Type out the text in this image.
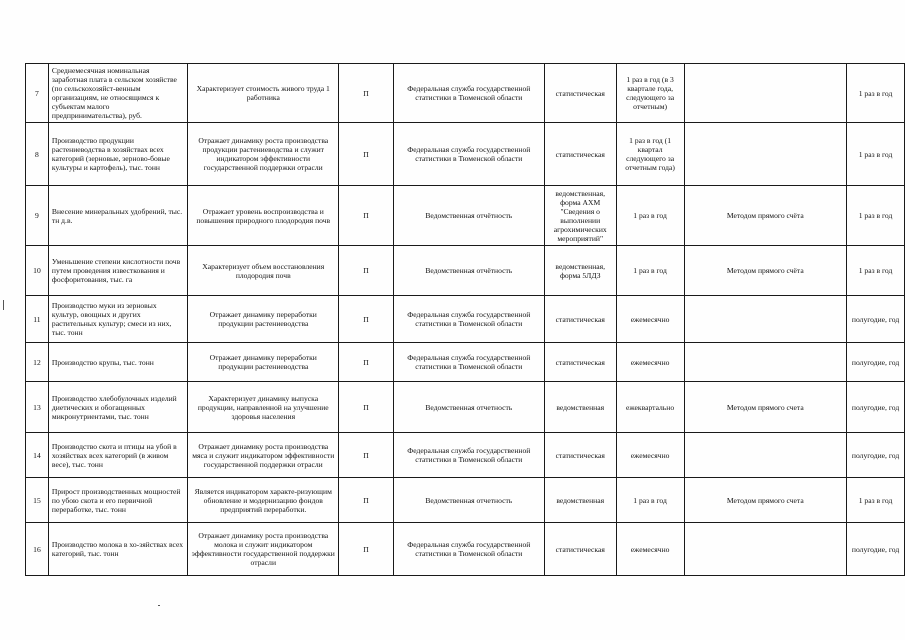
7	Среднемесячная номинальная заработная плата в сельском хозяйстве (по сельскохозяйст-венным организациям, не относящимся к субъектам малого предпринимательства), руб.	Характеризует стоимость живого труда 1 работника	П	Федеральная служба государственной статистики в Тюменской области	статистическая	1 раз в год (в 3 квартале года, следующего за отчетным)		1 раз в год
8	Производство продукции растениеводства в хозяйствах всех категорий (зерновые, зерново-бовые культуры и картофель), тыс. тонн	Отражает динамику роста производства продукции растениеводства и служит индикатором эффективности государственной поддержки отрасли	П	Федеральная служба государственной статистики в Тюменской области	статистическая	1 раз в год (1 квартал следующего за отчетным года)		1 раз в год
9	Внесение минеральных удобрений, тыс. тн д.в.	Отражает уровень воспроизводства и повышения природного плодородия почв	П	Ведомственная отчётность	ведомственная, форма АХМ "Сведения о выполнении агрохимических мероприятий"	1 раз в год	Методом прямого счёта	1 раз в год
10	Уменьшение степени кислотности почв путем проведения известкования и фосфоритования, тыс. га	Характеризует объем восстановления плодородия почв	П	Ведомственная отчётность	ведомственная, форма 5ЛДЗ	1 раз в год	Методом прямого счёта	1 раз в год
11	Производство муки из зерновых культур, овощных и других растительных культур; смеси из них, тыс. тонн	Отражает динамику переработки продукции растениеводства	П	Федеральная служба государственной статистики в Тюменской области	статистическая	ежемесячно		полугодие, год
12	Производство крупы, тыс. тонн	Отражает динамику переработки продукции растениеводства	П	Федеральная служба государственной статистики в Тюменской области	статистическая	ежемесячно		полугодие, год
13	Производство хлебобулочных изделий диетических и обогащенных микронутриентами, тыс. тонн	Характеризует динамику выпуска продукции, направленной на улучшение здоровья населения	П	Ведомственная отчетность	ведомственная	ежеквартально	Методом прямого счета	полугодие, год
14	Производство скота и птицы на убой в хозяйствах всех категорий (в живом весе), тыс. тонн	Отражает динамику роста производства мяса и служит индикатором эффективности государственной поддержки отрасли	П	Федеральная служба государственной статистики в Тюменской области	статистическая	ежемесячно		полугодие, год
15	Прирост производственных мощностей по убою скота и его первичной переработке, тыс. тонн	Является индикатором характе-ризующим обновление и модернизацию фондов предприятий переработки.	П	Ведомственная отчетность	ведомственная	1 раз в год	Методом прямого счета	1 раз в год
16	Производство молока в хо-зяйствах всех категорий, тыс. тонн	Отражает динамику роста производства молока и служит индикатором эффективности государственной поддержки отрасли	П	Федеральная служба государственной статистики в Тюменской области	статистическая	ежемесячно		полугодие, год
